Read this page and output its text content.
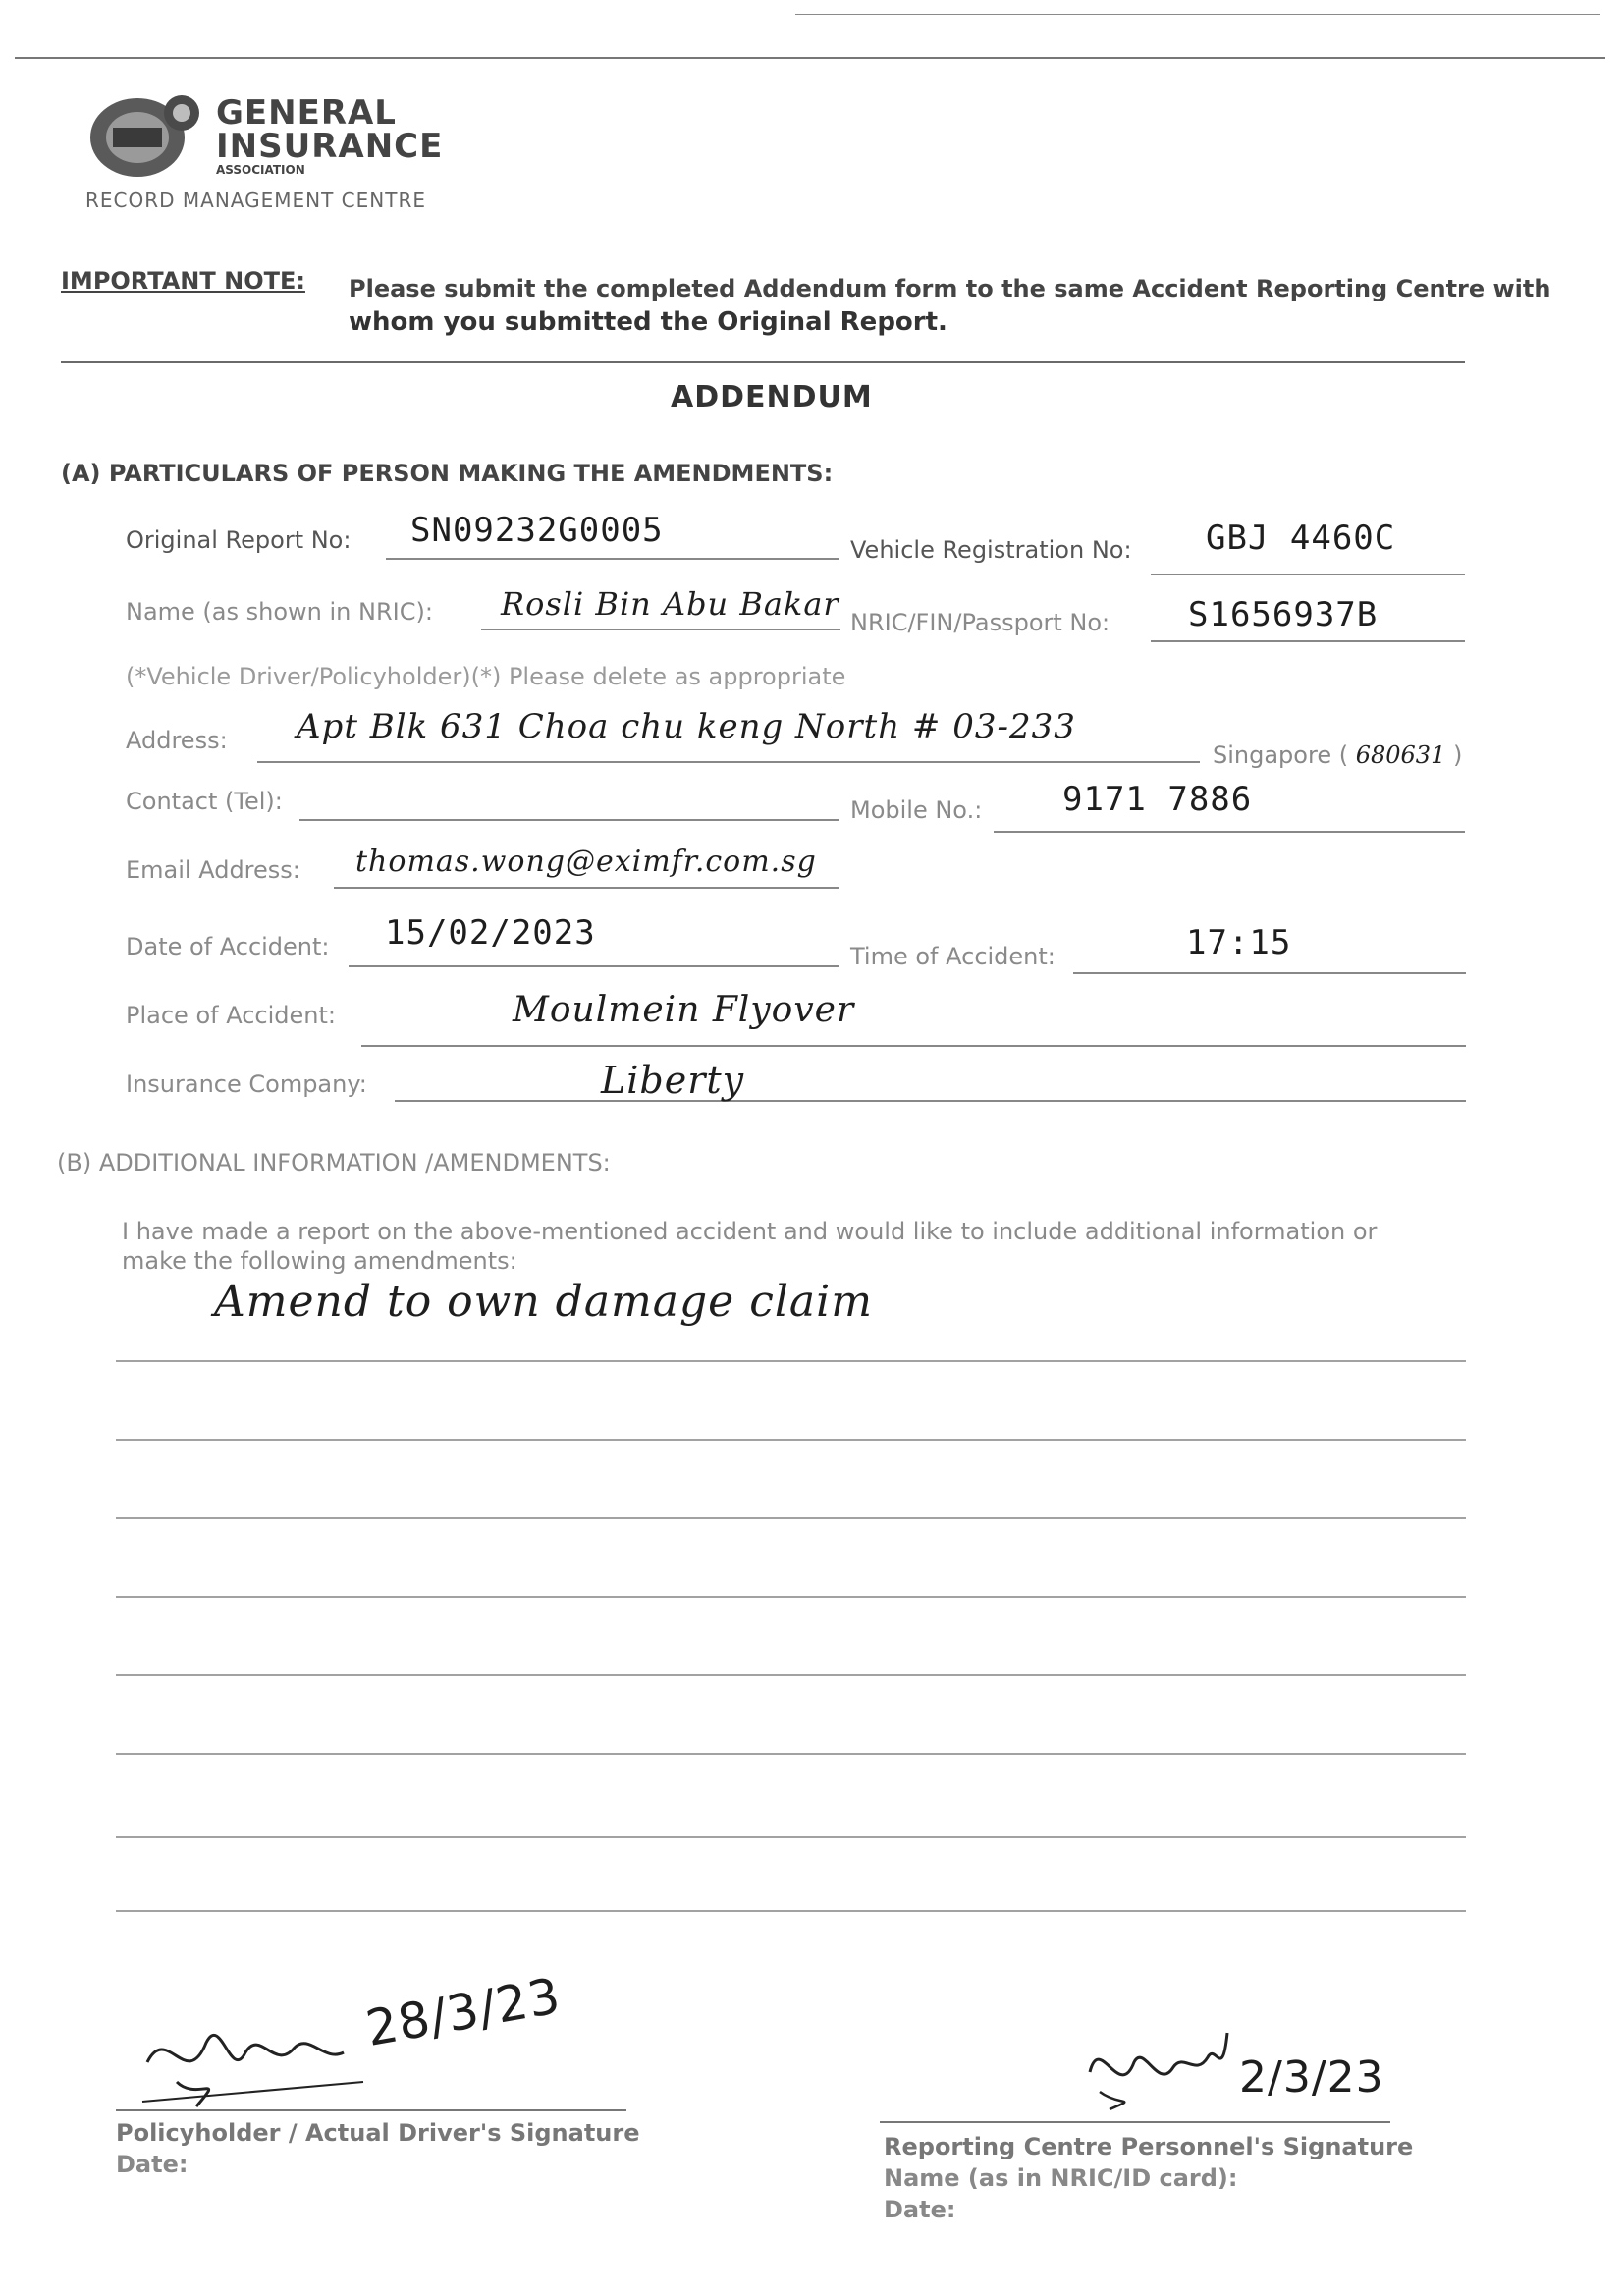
GENERAL
INSURANCE
ASSOCIATION
RECORD MANAGEMENT CENTRE
IMPORTANT NOTE: Please submit the completed Addendum form to the same Accident Reporting Centre with
whom you submitted the Original Report.
ADDENDUM
(A) PARTICULARS OF PERSON MAKING THE AMENDMENTS:
Original Report No: SN09232G0005	Vehicle Registration No: GBJ 4460C
Name (as shown in NRIC): Rosli Bin Abu Bakar NRIC/FIN/Passport No: S1656937B
(*Vehicle Driver/Policyholder)(*) Please delete as appropriate
Address: Apt Blk 631 Choa chu keng North # 03-233
Singapore ( 680631 )
Contact (Tel):	Mobile No.: 9171 7886
Email Address: thomas.wong@eximfr.com.sg
Date of Accident: 15/02/2023
Time of Accident:	17:15
Place of Accident:	Moulmein Flyover
Insurance Company:	Liberty
(B) ADDITIONAL INFORMATION /AMENDMENTS:
I have made a report on the above-mentioned accident and would like to include additional information or
make the following amendments:
Amend to own damage claim
28/3/23
Policyholder / Actual Driver's Signature
Date:
2/3/23
Reporting Centre Personnel's Signature
Name (as in NRIC/ID card):
Date:
